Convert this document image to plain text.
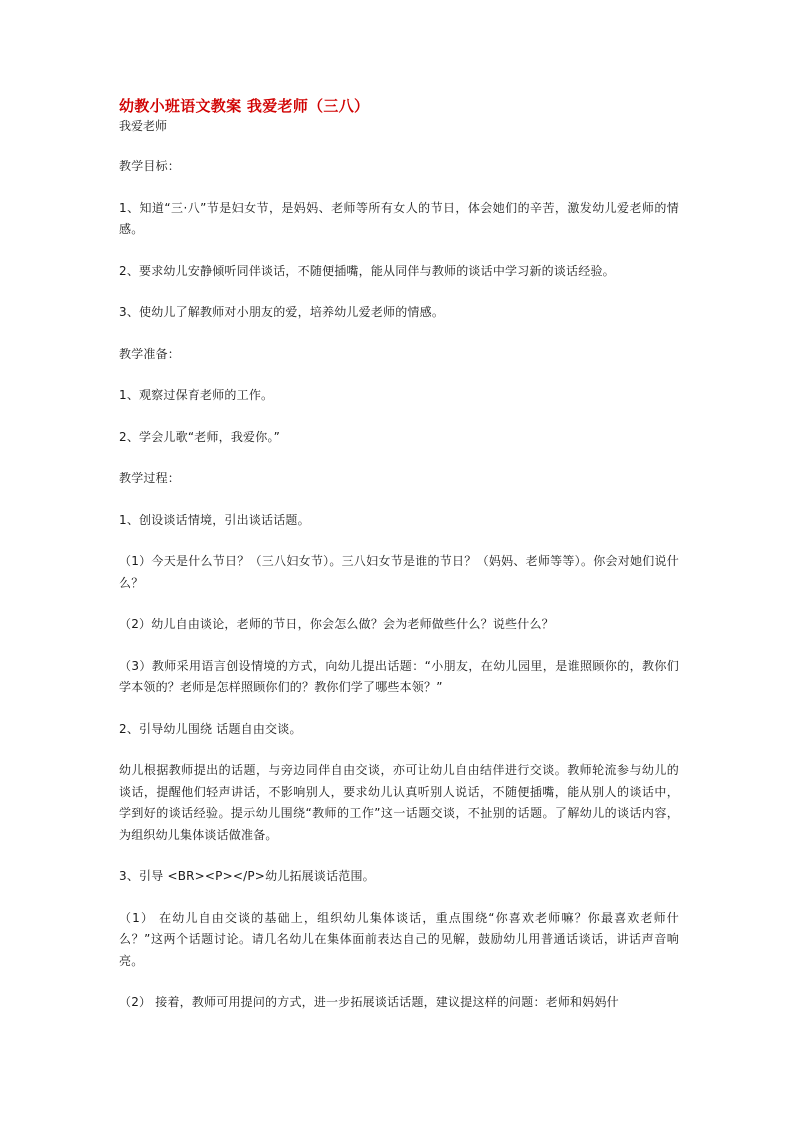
幼教小班语文教案 我爱老师（三八）

我爱老师

教学目标：

1、知道“三·八”节是妇女节，是妈妈、老师等所有女人的节日，体会她们的辛苦，激发幼儿爱老师的情感。

2、要求幼儿安静倾听同伴谈话，不随便插嘴，能从同伴与教师的谈话中学习新的谈话经验。

3、使幼儿了解教师对小朋友的爱，培养幼儿爱老师的情感。

教学准备：

1、观察过保育老师的工作。

2、学会儿歌“老师，我爱你。”

教学过程：

1、创设谈话情境，引出谈话话题。

（1）今天是什么节日？（三八妇女节）。三八妇女节是谁的节日？（妈妈、老师等等）。你会对她们说什么？

（2）幼儿自由谈论，老师的节日，你会怎么做？会为老师做些什么？说些什么？

（3）教师采用语言创设情境的方式，向幼儿提出话题：“小朋友，在幼儿园里，是谁照顾你的，教你们学本领的？老师是怎样照顾你们的？教你们学了哪些本领？”

2、引导幼儿围绕 话题自由交谈。

幼儿根据教师提出的话题，与旁边同伴自由交谈，亦可让幼儿自由结伴进行交谈。教师轮流参与幼儿的谈话，提醒他们轻声讲话，不影响别人，要求幼儿认真听别人说话，不随便插嘴，能从别人的谈话中，学到好的谈话经验。提示幼儿围绕“教师的工作”这一话题交谈，不扯别的话题。了解幼儿的谈话内容，为组织幼儿集体谈话做准备。

3、引导 <BR><P></P>幼儿拓展谈话范围。

（1） 在幼儿自由交谈的基础上，组织幼儿集体谈话，重点围绕“你喜欢老师嘛？你最喜欢老师什么？”这两个话题讨论。请几名幼儿在集体面前表达自己的见解，鼓励幼儿用普通话谈话，讲话声音响亮。

（2） 接着，教师可用提问的方式，进一步拓展谈话话题，建议提这样的问题：老师和妈妈什
